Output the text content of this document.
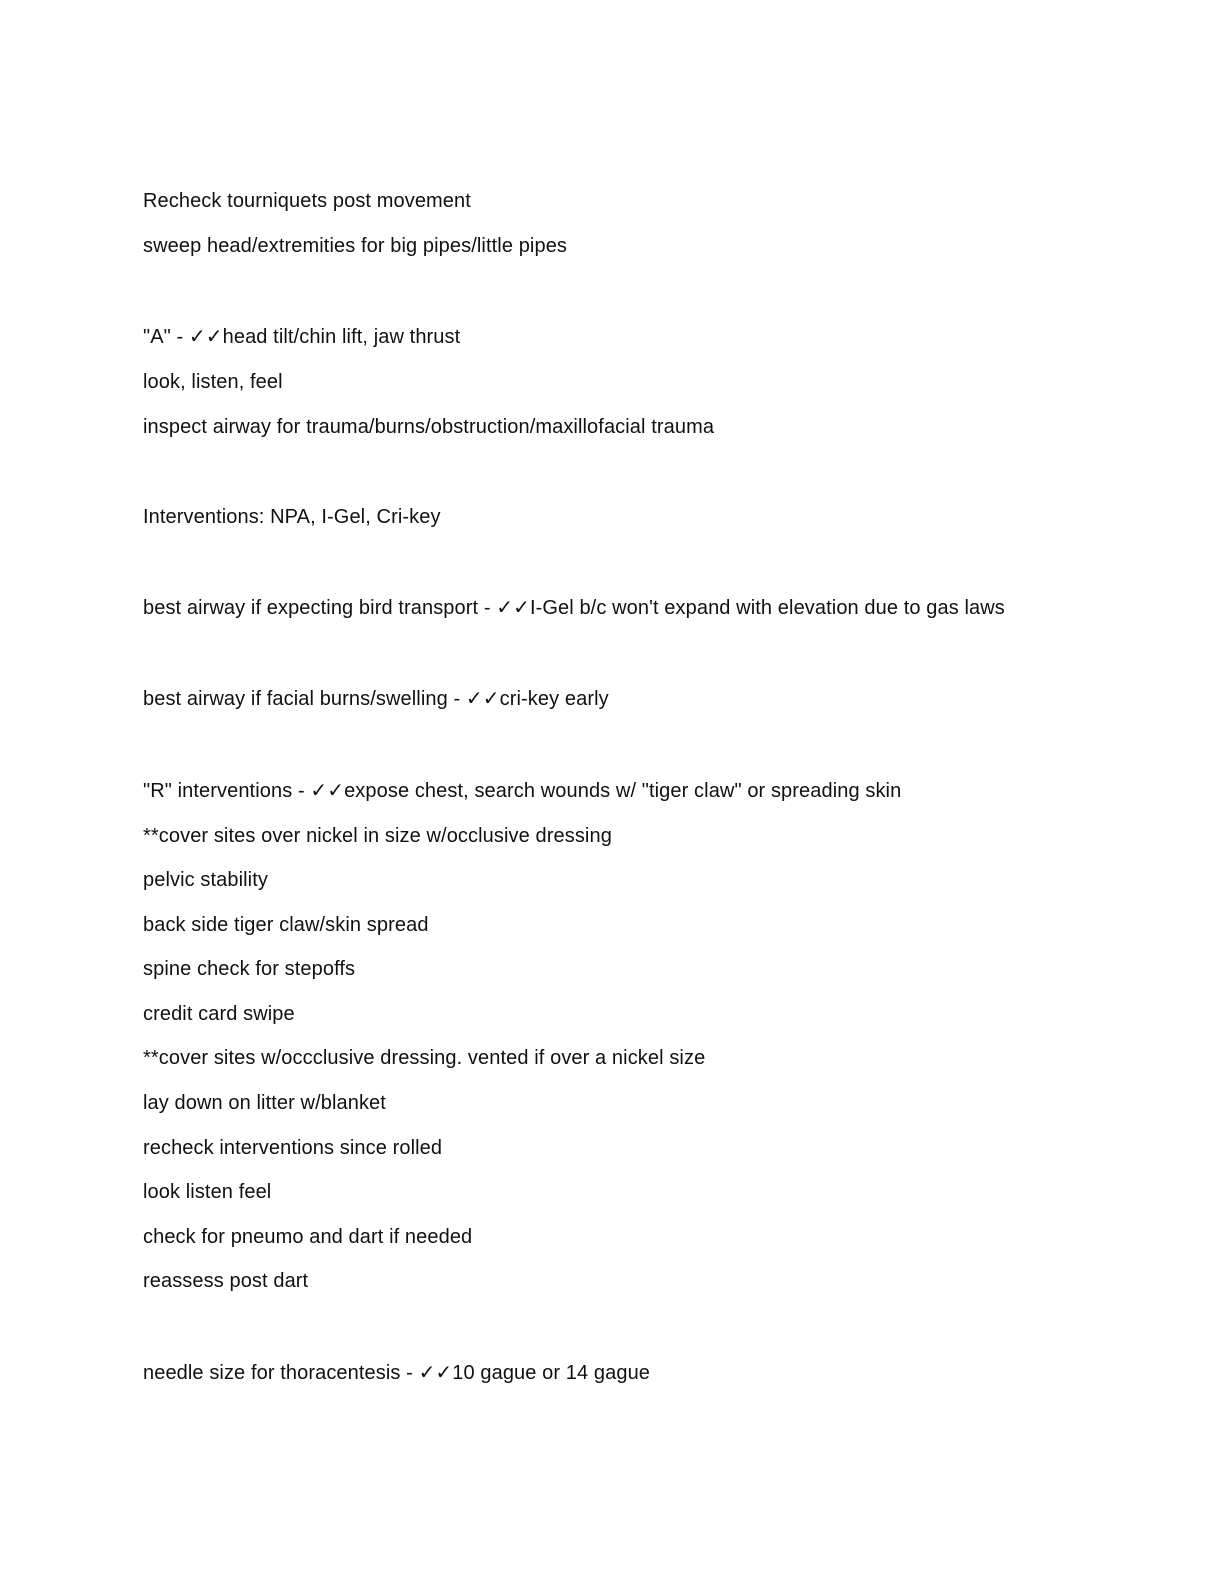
Recheck tourniquets post movement
sweep head/extremities for big pipes/little pipes
"A" - ✓✓head tilt/chin lift, jaw thrust
look, listen, feel
inspect airway for trauma/burns/obstruction/maxillofacial trauma
Interventions: NPA, I-Gel, Cri-key
best airway if expecting bird transport - ✓✓I-Gel b/c won't expand with elevation due to gas laws
best airway if facial burns/swelling - ✓✓cri-key early
"R" interventions - ✓✓expose chest, search wounds w/ "tiger claw" or spreading skin
**cover sites over nickel in size w/occlusive dressing
pelvic stability
back side tiger claw/skin spread
spine check for stepoffs
credit card swipe
**cover sites w/occclusive dressing. vented if over a nickel size
lay down on litter w/blanket
recheck interventions since rolled
look listen feel
check for pneumo and dart if needed
reassess post dart
needle size for thoracentesis - ✓✓10 gague or 14 gague
